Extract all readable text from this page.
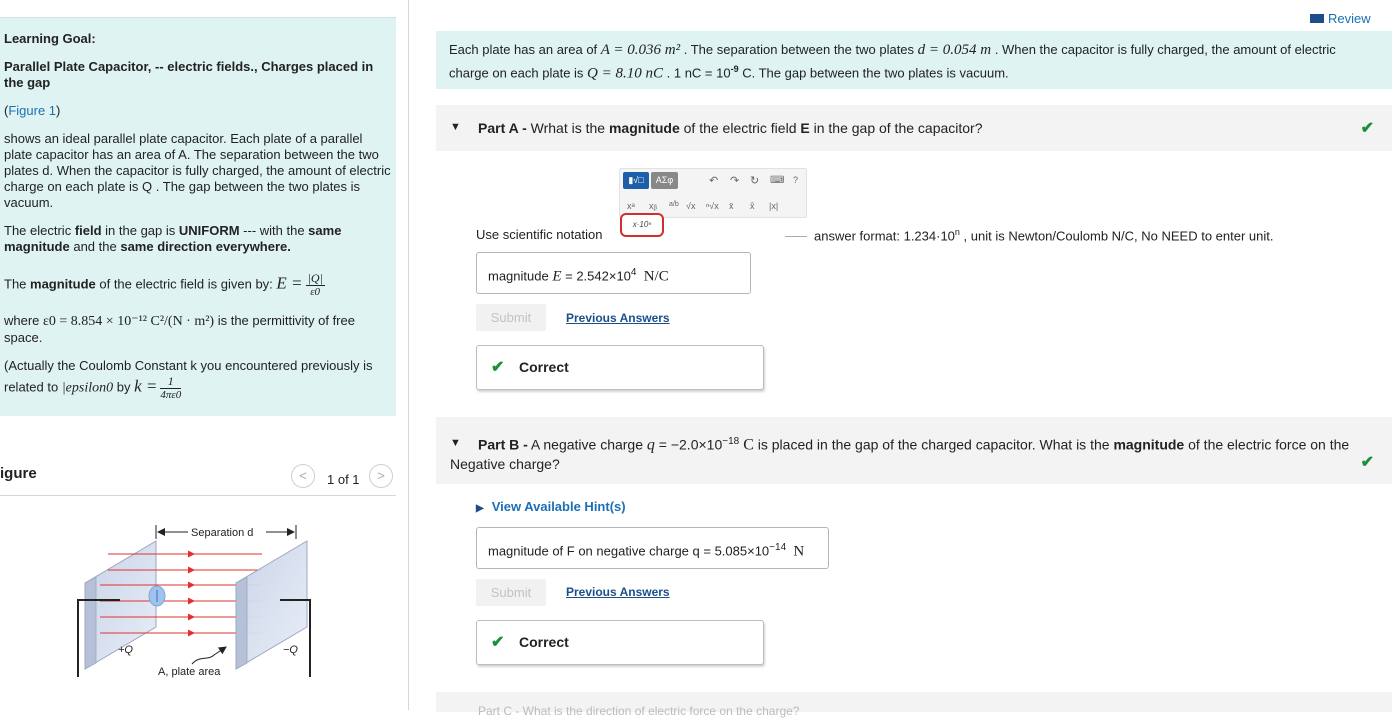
Learning Goal:

Parallel Plate Capacitor, -- electric fields., Charges placed in the gap

(Figure 1)

shows an ideal parallel plate capacitor. Each plate of a parallel plate capacitor has an area of A. The separation between the two plates d. When the capacitor is fully charged, the amount of electric charge on each plate is Q . The gap between the two plates is vacuum.

The electric field in the gap is UNIFORM --- with the same magnitude and the same direction everywhere.

The magnitude of the electric field is given by: $E = \frac{|Q|}{\varepsilon 0}$

where ε0 = 8.854 × 10⁻¹² C²/(N · m²) is the permittivity of free space.

(Actually the Coulomb Constant k you encountered previously is related to |epsilon0 by $k = \frac{1}{4\pi\varepsilon 0}$

igure	<	1 of 1	>
Separation d
+Q	−Q
A, plate area
Review
Each plate has an area of A = 0.036 m² . The separation between the two plates d = 0.054 m . When the capacitor is fully charged, the amount of electric charge on each plate is Q = 8.10 nC . 1 nC = $10^{-9}$ C. The gap between the two plates is vacuum.
▼ Part A - Wrhat is the magnitude of the electric field E in the gap of the capacitor?	✔
▮√□	ΑΣφ	↶ ↷ ↻ ⌨ ?
xᵃ xᵦ a/b √x ⁿ√x x̄ x̂ |x|
x·10ⁿ
Use scientific notation	answer format: $1.234\cdot 10^n$ , unit is Newton/Coulomb N/C, No NEED to enter unit.
magnitude $E = 2.542\times 10^4$ N/C
Submit	Previous Answers
✔ Correct
▼	Part B - A negative charge $q = -2.0\times 10^{-18}$ C is placed in the gap of the charged capacitor. What is the magnitude of the electric force on the Negative charge?	✔
▶ View Available Hint(s)
magnitude of F on negative charge $q = 5.085\times 10^{-14}$ N
Submit	Previous Answers
✔ Correct
Part C - What is the direction of electric force on the charge?
